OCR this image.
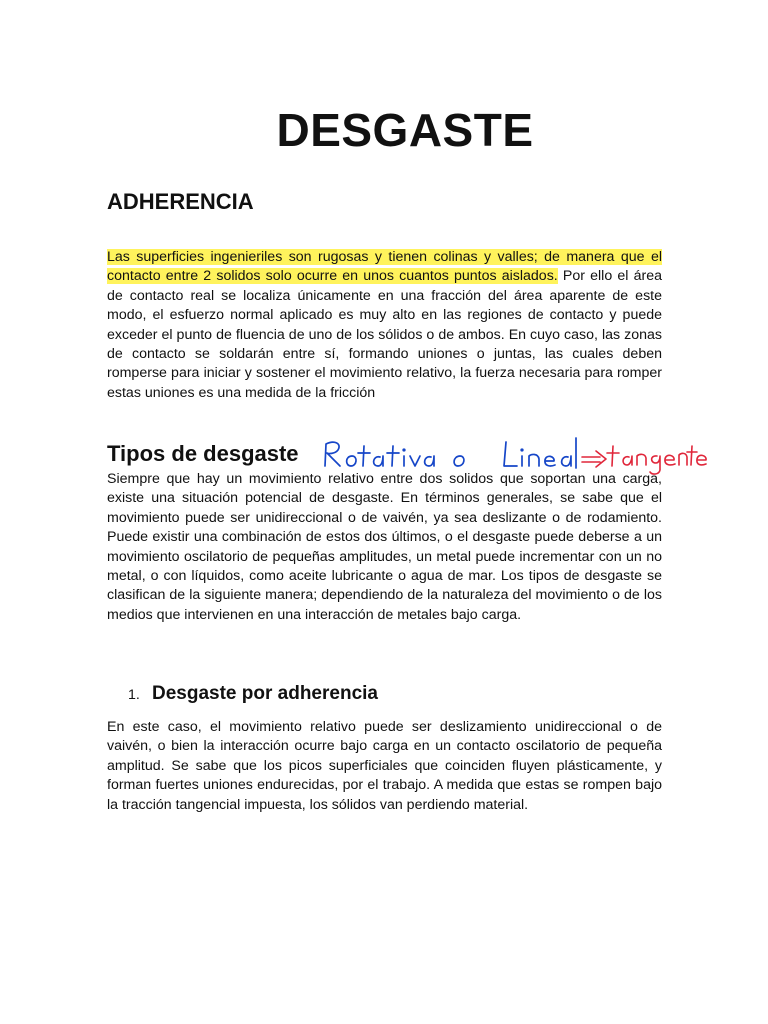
DESGASTE
ADHERENCIA

Las superficies ingenieriles son rugosas y tienen colinas y valles; de manera que el contacto entre 2 solidos solo ocurre en unos cuantos puntos aislados. Por ello el área de contacto real se localiza únicamente en una fracción del área aparente de este modo, el esfuerzo normal aplicado es muy alto en las regiones de contacto y puede exceder el punto de fluencia de uno de los sólidos o de ambos. En cuyo caso, las zonas de contacto se soldarán entre sí, formando uniones o juntas, las cuales deben romperse para iniciar y sostener el movimiento relativo, la fuerza necesaria para romper estas uniones es una medida de la fricción

Tipos de desgaste

Siempre que hay un movimiento relativo entre dos solidos que soportan una carga, existe una situación potencial de desgaste. En términos generales, se sabe que el movimiento puede ser unidireccional o de vaivén, ya sea deslizante o de rodamiento. Puede existir una combinación de estos dos últimos, o el desgaste puede deberse a un movimiento oscilatorio de pequeñas amplitudes, un metal puede incrementar con un no metal, o con líquidos, como aceite lubricante o agua de mar. Los tipos de desgaste se clasifican de la siguiente manera; dependiendo de la naturaleza del movimiento o de los medios que intervienen en una interacción de metales bajo carga.

1. Desgaste por adherencia

En este caso, el movimiento relativo puede ser deslizamiento unidireccional o de vaivén, o bien la interacción ocurre bajo carga en un contacto oscilatorio de pequeña amplitud. Se sabe que los picos superficiales que coinciden fluyen plásticamente, y forman fuertes uniones endurecidas, por el trabajo. A medida que estas se rompen bajo la tracción tangencial impuesta, los sólidos van perdiendo material.
